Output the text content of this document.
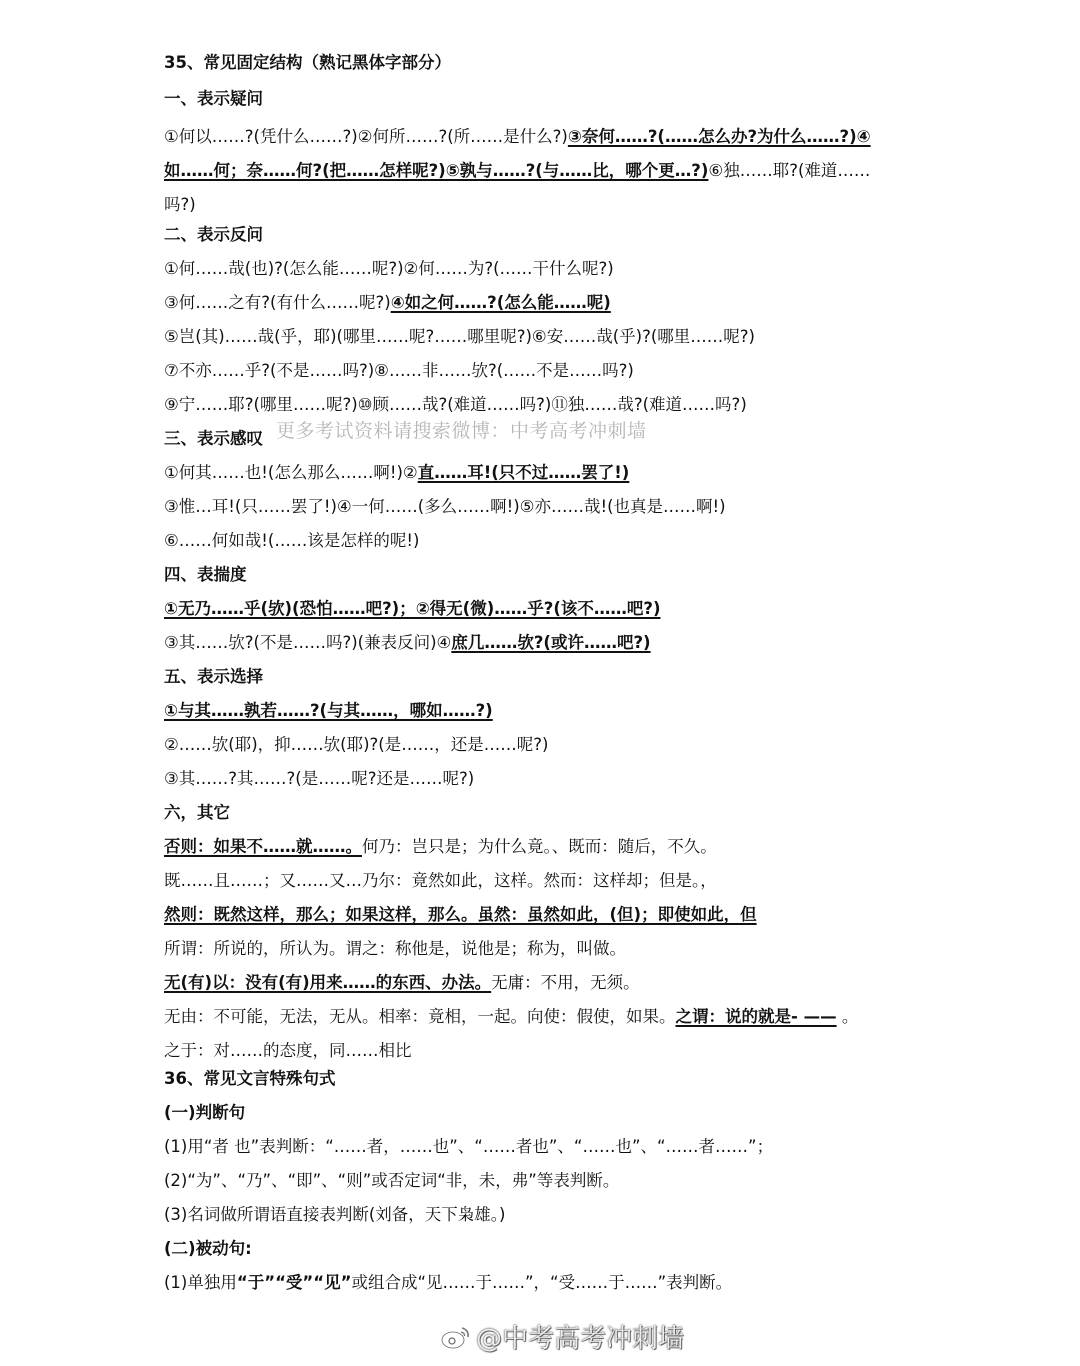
35、常见固定结构（熟记黑体字部分）
一、表示疑问
①何以……?(凭什么……?)②何所……?(所……是什么?)③奈何……?(……怎么办?为什么……?)④如……何；奈……何?(把……怎样呢?)⑤孰与……?(与……比，哪个更…?)⑥独……耶?(难道……吗?)
二、表示反问
①何……哉(也)?(怎么能……呢?)②何……为?(……干什么呢?)
③何……之有?(有什么……呢?)④如之何……?(怎么能……呢)
⑤岂(其)……哉(乎，耶)(哪里……呢?……哪里呢?)⑥安……哉(乎)?(哪里……呢?)
⑦不亦……乎?(不是……吗?)⑧……非……欤?(……不是……吗?)
⑨宁……耶?(哪里……呢?)⑩顾……哉?(难道……吗?)⑪独……哉?(难道……吗?)
三、表示感叹
①何其……也!(怎么那么……啊!)②直……耳!(只不过……罢了!)
③惟…耳!(只……罢了!)④一何……(多么……啊!)⑤亦……哉!(也真是……啊!)
⑥……何如哉!(……该是怎样的呢!)
四、表揣度
①无乃……乎(欤)(恐怕……吧?)；②得无(微)……乎?(该不……吧?)
③其……欤?(不是……吗?)(兼表反问)④庶几……欤?(或许……吧?)
五、表示选择
①与其……孰若……?(与其……，哪如……?)
②……欤(耶)，抑……欤(耶)?(是……，还是……呢?)
③其……?其……?(是……呢?还是……呢?)
六，其它
否则：如果不……就……。何乃：岂只是；为什么竟。、既而：随后，不久。
既……且……；又……又…乃尔：竟然如此，这样。然而：这样却；但是。，
然则：既然这样，那么；如果这样，那么。虽然：虽然如此，(但)；即使如此，但
所谓：所说的，所认为。谓之：称他是，说他是；称为，叫做。
无(有)以：没有(有)用来……的东西、办法。无庸：不用，无须。
无由：不可能，无法，无从。相率：竟相，一起。向使：假使，如果。之谓：说的就是- —— 。
之于：对……的态度，同……相比
36、常见文言特殊句式
(一)判断句
(1)用“者 也”表判断：“……者，……也”、“……者也”、“……也”、“……者……”；
(2)“为”、“乃”、“即”、“则”或否定词“非，未，弗”等表判断。
(3)名词做所谓语直接表判断(刘备，天下枭雄。)
(二)被动句:
(1)单独用“于”“受”“见”或组合成“见……于……”，“受……于……”表判断。
更多考试资料请搜索微博：中考高考冲刺墙
@中考高考冲刺墙
